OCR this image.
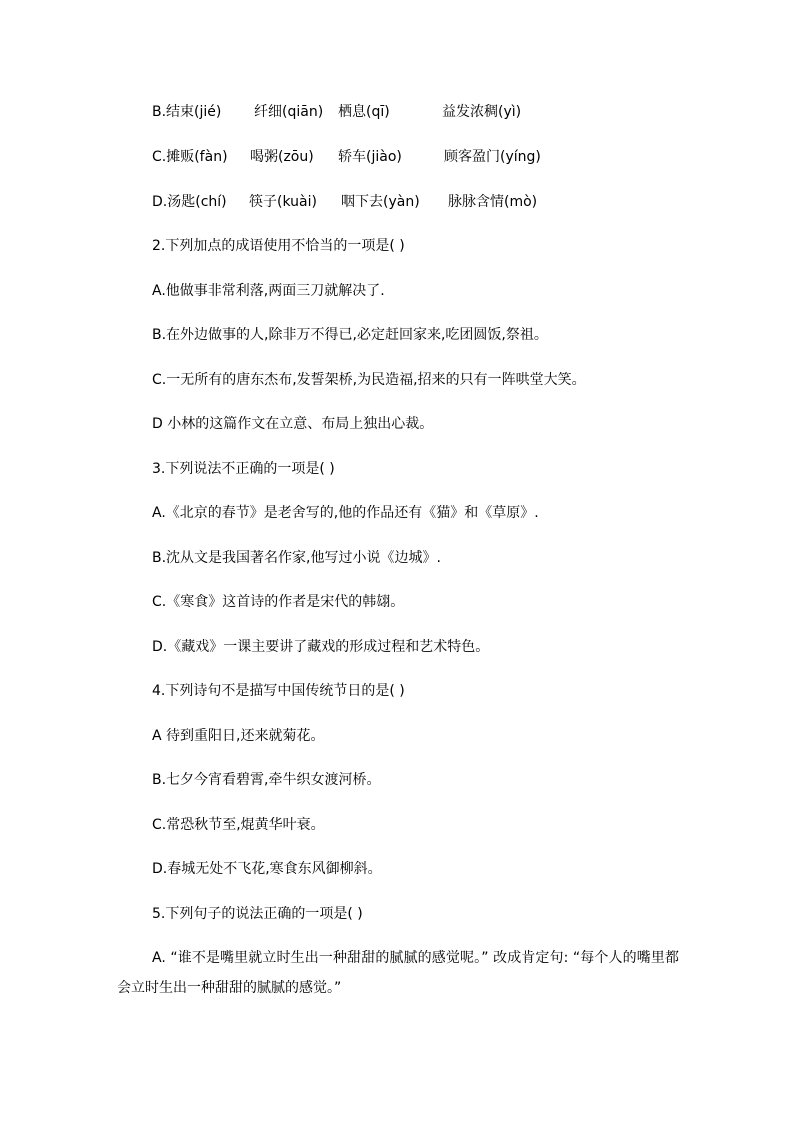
B.结束(jié) 纤细(qiān) 栖息(qī)	益发浓稠(yì)
C.摊贩(fàn) 喝粥(zōu) 轿车(jiào)	顾客盈门(yíng)
D.汤匙(chí) 筷子(kuài) 咽下去(yàn) 脉脉含情(mò)
2.下列加点的成语使用不恰当的一项是( )
A.他做事非常利落,两面三刀就解决了.
B.在外边做事的人,除非万不得已,必定赶回家来,吃团圆饭,祭祖。
C.一无所有的唐东杰布,发誓架桥,为民造福,招来的只有一阵哄堂大笑。
D 小林的这篇作文在立意、布局上独出心裁。
3.下列说法不正确的一项是( )
A.《北京的春节》是老舍写的,他的作品还有《猫》和《草原》.
B.沈从文是我国著名作家,他写过小说《边城》.
C.《寒食》这首诗的作者是宋代的韩翃。
D.《藏戏》一课主要讲了藏戏的形成过程和艺术特色。
4.下列诗句不是描写中国传统节日的是( )
A 待到重阳日,还来就菊花。
B.七夕今宵看碧霄,牵牛织女渡河桥。
C.常恐秋节至,焜黄华叶衰。
D.春城无处不飞花,寒食东风御柳斜。
5.下列句子的说法正确的一项是( )
A. “谁不是嘴里就立时生出一种甜甜的腻腻的感觉呢。” 改成肯定句: “每个人的嘴里都会立时生出一种甜甜的腻腻的感觉。”
